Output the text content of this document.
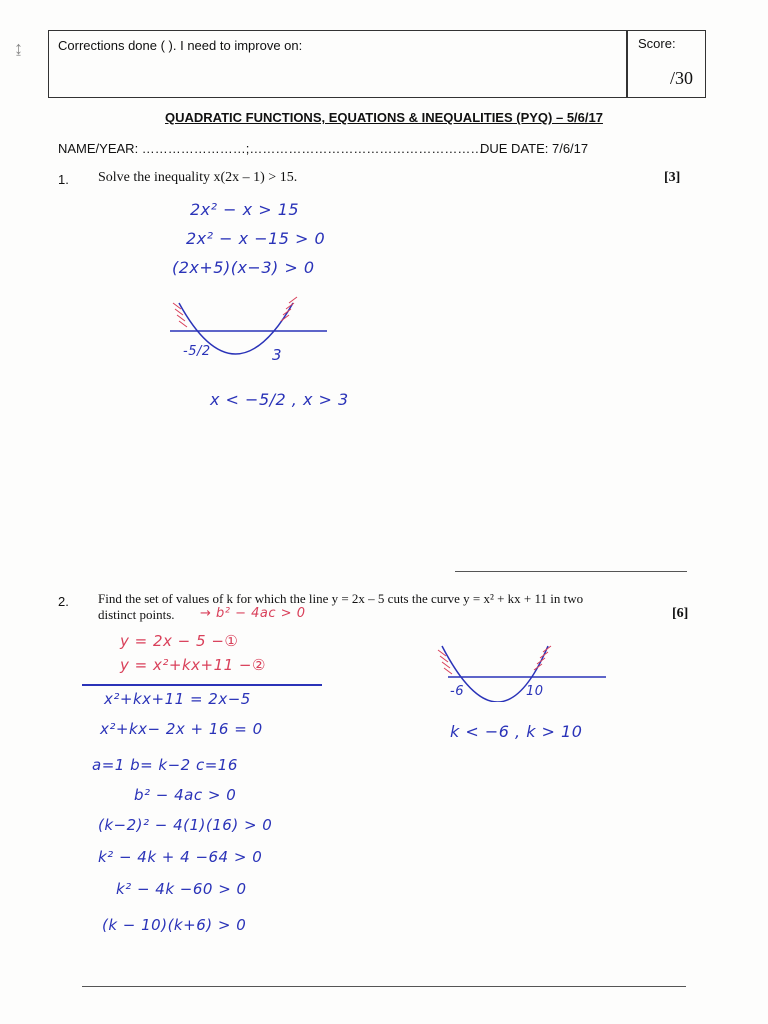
↨	Corrections done ( ). I need to improve on:	Score:
/30
QUADRATIC FUNCTIONS, EQUATIONS & INEQUALITIES (PYQ) – 5/6/17
NAME/YEAR: ……………………;………………………………………………
DUE DATE: 7/6/17
1. Solve the inequality x(2x – 1) > 15.	[3]
2x² − x > 15
2x² − x −15 > 0
(2x+5)(x−3) > 0
-5/2	3
x < −5/2 , x > 3
2. Find the set of values of k for which the line y = 2x – 5 cuts the curve y = x² + kx + 11 in two
distinct points. → b² − 4ac > 0	[6]
y = 2x − 5 −①
y = x²+kx+11 −②
x²+kx+11 = 2x−5
x²+kx− 2x + 16 = 0
a=1 b= k−2 c=16
b² − 4ac > 0
(k−2)² − 4(1)(16) > 0
k² − 4k + 4 −64 > 0
k² − 4k −60 > 0
(k − 10)(k+6) > 0
-6	10
k < −6 , k > 10
